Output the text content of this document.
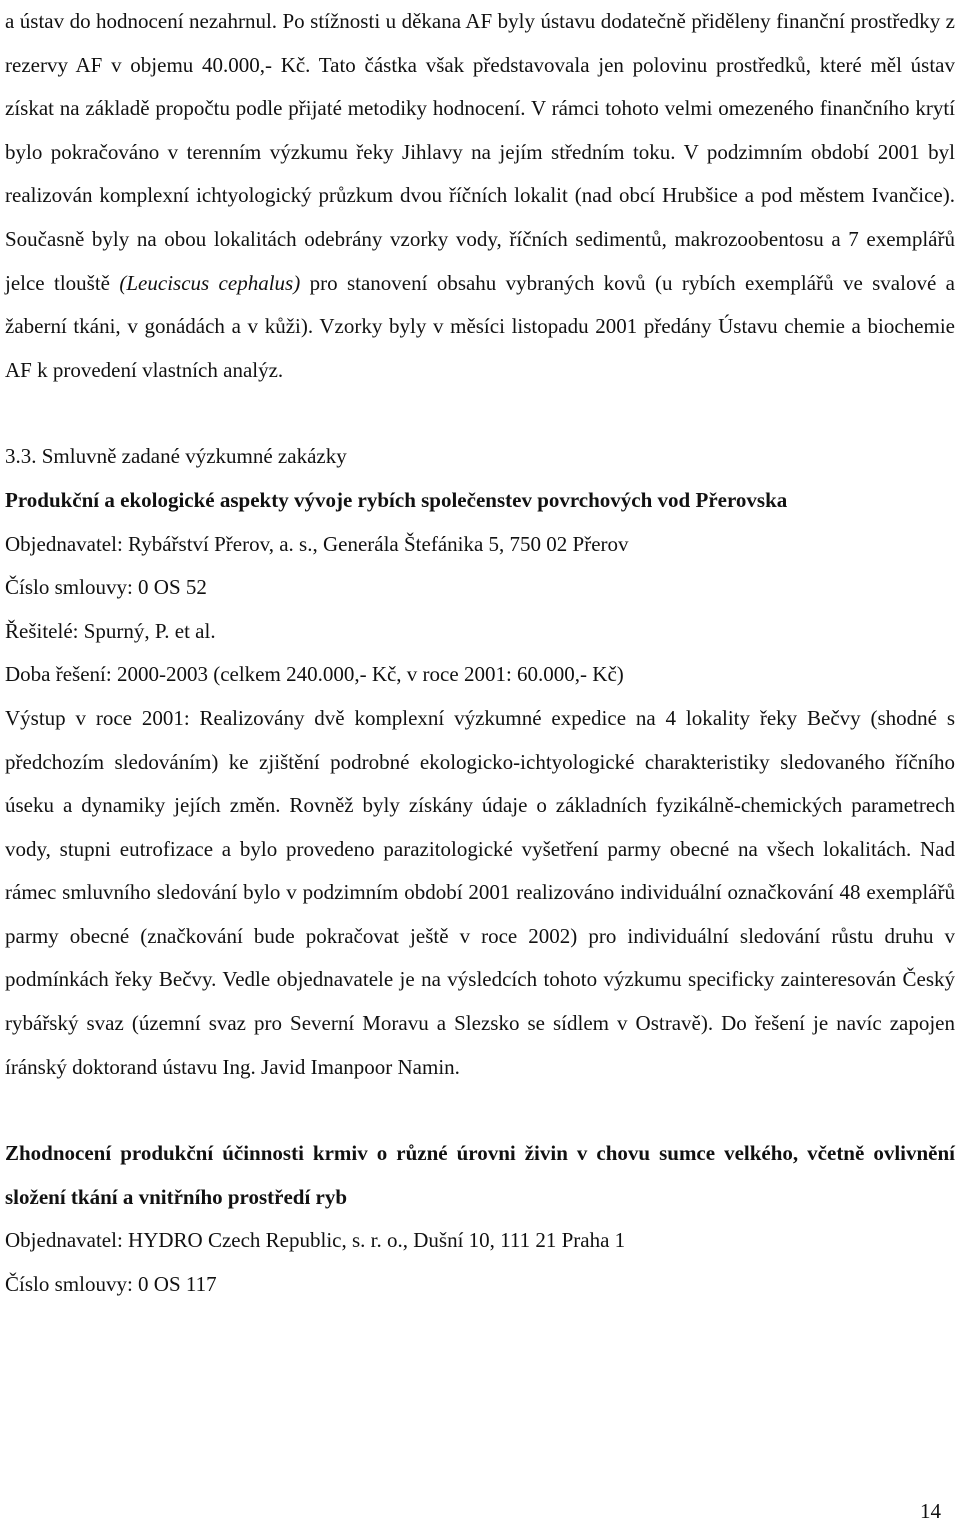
a ústav do hodnocení nezahrnul. Po stížnosti u děkana AF byly ústavu dodatečně přiděleny finanční prostředky z rezervy AF v objemu 40.000,- Kč. Tato částka však představovala jen polovinu prostředků, které měl ústav získat na základě propočtu podle přijaté metodiky hodnocení. V rámci tohoto velmi omezeného finančního krytí bylo pokračováno v terenním výzkumu řeky Jihlavy na jejím středním toku. V podzimním období 2001 byl realizován komplexní ichtyologický průzkum dvou říčních lokalit (nad obcí Hrubšice a pod městem Ivančice). Současně byly na obou lokalitách odebrány vzorky vody, říčních sedimentů, makrozoobentosu a 7 exemplářů jelce tlouště (Leuciscus cephalus) pro stanovení obsahu vybraných kovů (u rybích exemplářů ve svalové a žaberní tkáni, v gonádách a v kůži). Vzorky byly v měsíci listopadu 2001 předány Ústavu chemie a biochemie AF k provedení vlastních analýz.

3.3. Smluvně zadané výzkumné zakázky

Produkční a ekologické aspekty vývoje rybích společenstev povrchových vod Přerovska

Objednavatel: Rybářství Přerov, a. s., Generála Štefánika 5, 750 02 Přerov

Číslo smlouvy: 0 OS 52

Řešitelé: Spurný, P. et al.

Doba řešení: 2000-2003 (celkem 240.000,- Kč, v roce 2001: 60.000,- Kč)

Výstup v roce 2001: Realizovány dvě komplexní výzkumné expedice na 4 lokality řeky Bečvy (shodné s předchozím sledováním) ke zjištění podrobné ekologicko-ichtyologické charakteristiky sledovaného říčního úseku a dynamiky jejích změn. Rovněž byly získány údaje o základních fyzikálně-chemických parametrech vody, stupni eutrofizace a bylo provedeno parazitologické vyšetření parmy obecné na všech lokalitách. Nad rámec smluvního sledování bylo v podzimním období 2001 realizováno individuální označkování 48 exemplářů parmy obecné (značkování bude pokračovat ještě v roce 2002) pro individuální sledování růstu druhu v podmínkách řeky Bečvy. Vedle objednavatele je na výsledcích tohoto výzkumu specificky zainteresován Český rybářský svaz (územní svaz pro Severní Moravu a Slezsko se sídlem v Ostravě). Do řešení je navíc zapojen íránský doktorand ústavu Ing. Javid Imanpoor Namin.

Zhodnocení produkční účinnosti krmiv o různé úrovni živin v chovu sumce velkého, včetně ovlivnění složení tkání a vnitřního prostředí ryb

Objednavatel: HYDRO Czech Republic, s. r. o., Dušní 10, 111 21 Praha 1

Číslo smlouvy: 0 OS 117

14
